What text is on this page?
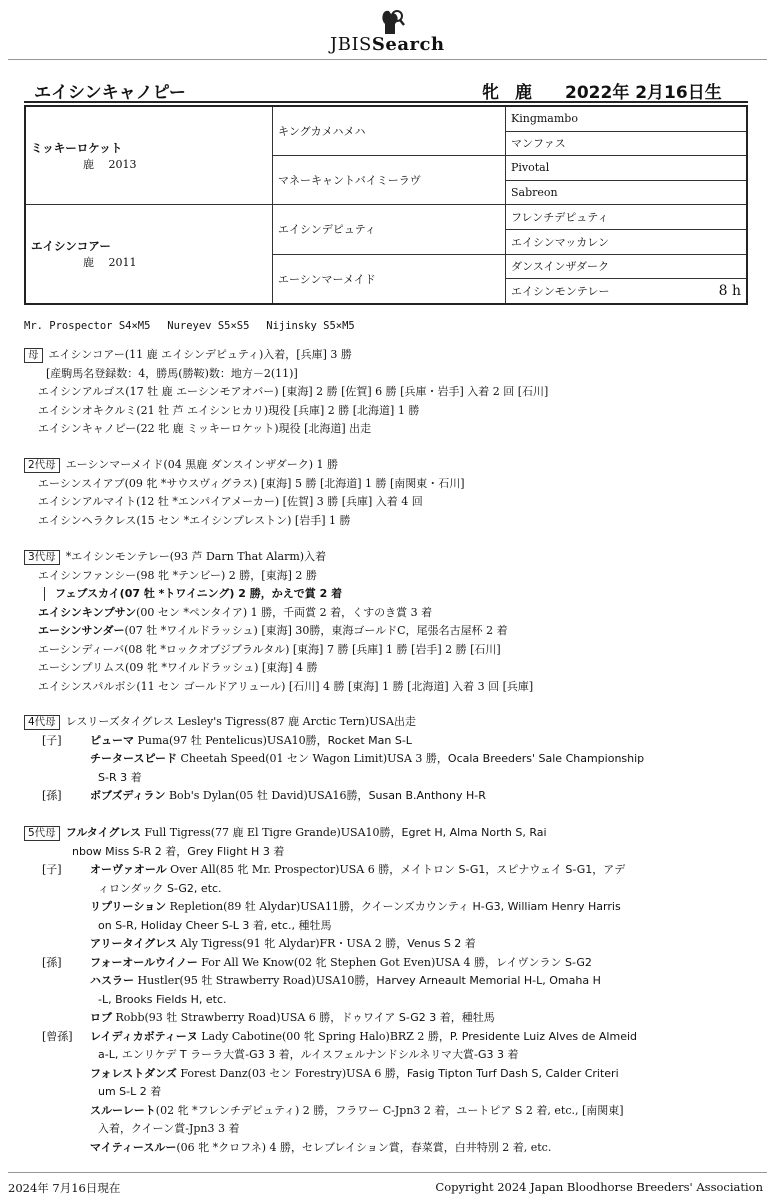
JBISSearch
エイシンキャノピー	牝 鹿 2022年 2月16日生
ミッキーロケット
鹿　 2013	キングカメハメハ	Kingmambo
		マンファス
	マネーキャントバイミーラヴ	Pivotal
		Sabreon
エイシンコアー
鹿　 2011	エイシンデピュティ	フレンチデピュティ
		エイシンマッカレン
	エーシンマーメイド	ダンスインザダーク
		エイシンモンテレー 8 h
Mr. Prospector S4×M5　 Nureyev S5×S5　 Nijinsky S5×M5
母 エイシンコアー(11 鹿 エイシンデピュティ)入着，[兵庫] 3 勝
[産駒馬名登録数：4，勝馬(勝鞍)数：地方－2(11)]
エイシンアルゴス(17 牡 鹿 エーシンモアオバー) [東海] 2 勝 [佐賀] 6 勝 [兵庫・岩手] 入着 2 回 [石川]
エイシンオキクルミ(21 牡 芦 エイシンヒカリ)現役 [兵庫] 2 勝 [北海道] 1 勝
エイシンキャノピー(22 牝 鹿 ミッキーロケット)現役 [北海道] 出走
2代母 エーシンマーメイド(04 黒鹿 ダンスインザダーク) 1 勝
エーシンスイアブ(09 牝 *サウスヴィグラス) [東海] 5 勝 [北海道] 1 勝 [南関東・石川]
エイシンアルマイト(12 牡 *エンパイアメーカー) [佐賀] 3 勝 [兵庫] 入着 4 回
エイシンヘラクレス(15 セン *エイシンプレストン) [岩手] 1 勝
3代母 *エイシンモンテレー(93 芦 Darn That Alarm)入着
エイシンファンシー(98 牝 *テンビー) 2 勝，[東海] 2 勝
フェブスカイ(07 牡 *トワイニング) 2 勝，かえで賞 2 着
エイシンキンプサン(00 セン *ペンタイア) 1 勝，千両賞 2 着，くすのき賞 3 着
エーシンサンダー(07 牡 *ワイルドラッシュ) [東海] 30勝，東海ゴールドC，尾張名古屋杯 2 着
エーシンディーバ(08 牝 *ロックオブジブラルタル) [東海] 7 勝 [兵庫] 1 勝 [岩手] 2 勝 [石川]
エーシンプリムス(09 牝 *ワイルドラッシュ) [東海] 4 勝
エイシンスパルボシ(11 セン ゴールドアリュール) [石川] 4 勝 [東海] 1 勝 [北海道] 入着 3 回 [兵庫]
4代母 レスリーズタイグレス Lesley's Tigress(87 鹿 Arctic Tern)USA出走
[子]	ピューマ Puma(97 牡 Pentelicus)USA10勝，Rocket Man S-L
チータースピード Cheetah Speed(01 セン Wagon Limit)USA 3 勝，Ocala Breeders' Sale Championship
S-R 3 着
[孫]	ボブズディラン Bob's Dylan(05 牡 David)USA16勝，Susan B.Anthony H-R
5代母 フルタイグレス Full Tigress(77 鹿 El Tigre Grande)USA10勝，Egret H, Alma North S, Rai
nbow Miss S-R 2 着，Grey Flight H 3 着
[子]	オーヴァオール Over All(85 牝 Mr. Prospector)USA 6 勝，メイトロン S-G1，スピナウェイ S-G1，アデ
ィロンダック S-G2, etc.
リプリーション Repletion(89 牡 Alydar)USA11勝，クイーンズカウンティ H-G3, William Henry Harris
on S-R, Holiday Cheer S-L 3 着, etc., 種牡馬
アリータイグレス Aly Tigress(91 牝 Alydar)FR・USA 2 勝，Venus S 2 着
[孫]	フォーオールウイノー For All We Know(02 牝 Stephen Got Even)USA 4 勝，レイヴンラン S-G2
ハスラー Hustler(95 牡 Strawberry Road)USA10勝，Harvey Arneault Memorial H-L, Omaha H
-L, Brooks Fields H, etc.
ロブ Robb(93 牡 Strawberry Road)USA 6 勝，ドゥワイア S-G2 3 着，種牡馬
[曾孫] レイディカボティーヌ Lady Cabotine(00 牝 Spring Halo)BRZ 2 勝，P. Presidente Luiz Alves de Almeid
a-L, エンリケデ T ラーラ大賞-G3 3 着，ルイスフェルナンドシルネリマ大賞-G3 3 着
フォレストダンズ Forest Danz(03 セン Forestry)USA 6 勝，Fasig Tipton Turf Dash S, Calder Criteri
um S-L 2 着
スルーレート(02 牝 *フレンチデピュティ) 2 勝，フラワー C-Jpn3 2 着，ユートピア S 2 着, etc., [南関東]
入着，クイーン賞-Jpn3 3 着
マイティースルー(06 牝 *クロフネ) 4 勝，セレブレイション賞，春菜賞，白井特別 2 着, etc.
2024年 7月16日現在	Copyright 2024 Japan Bloodhorse Breeders' Association
